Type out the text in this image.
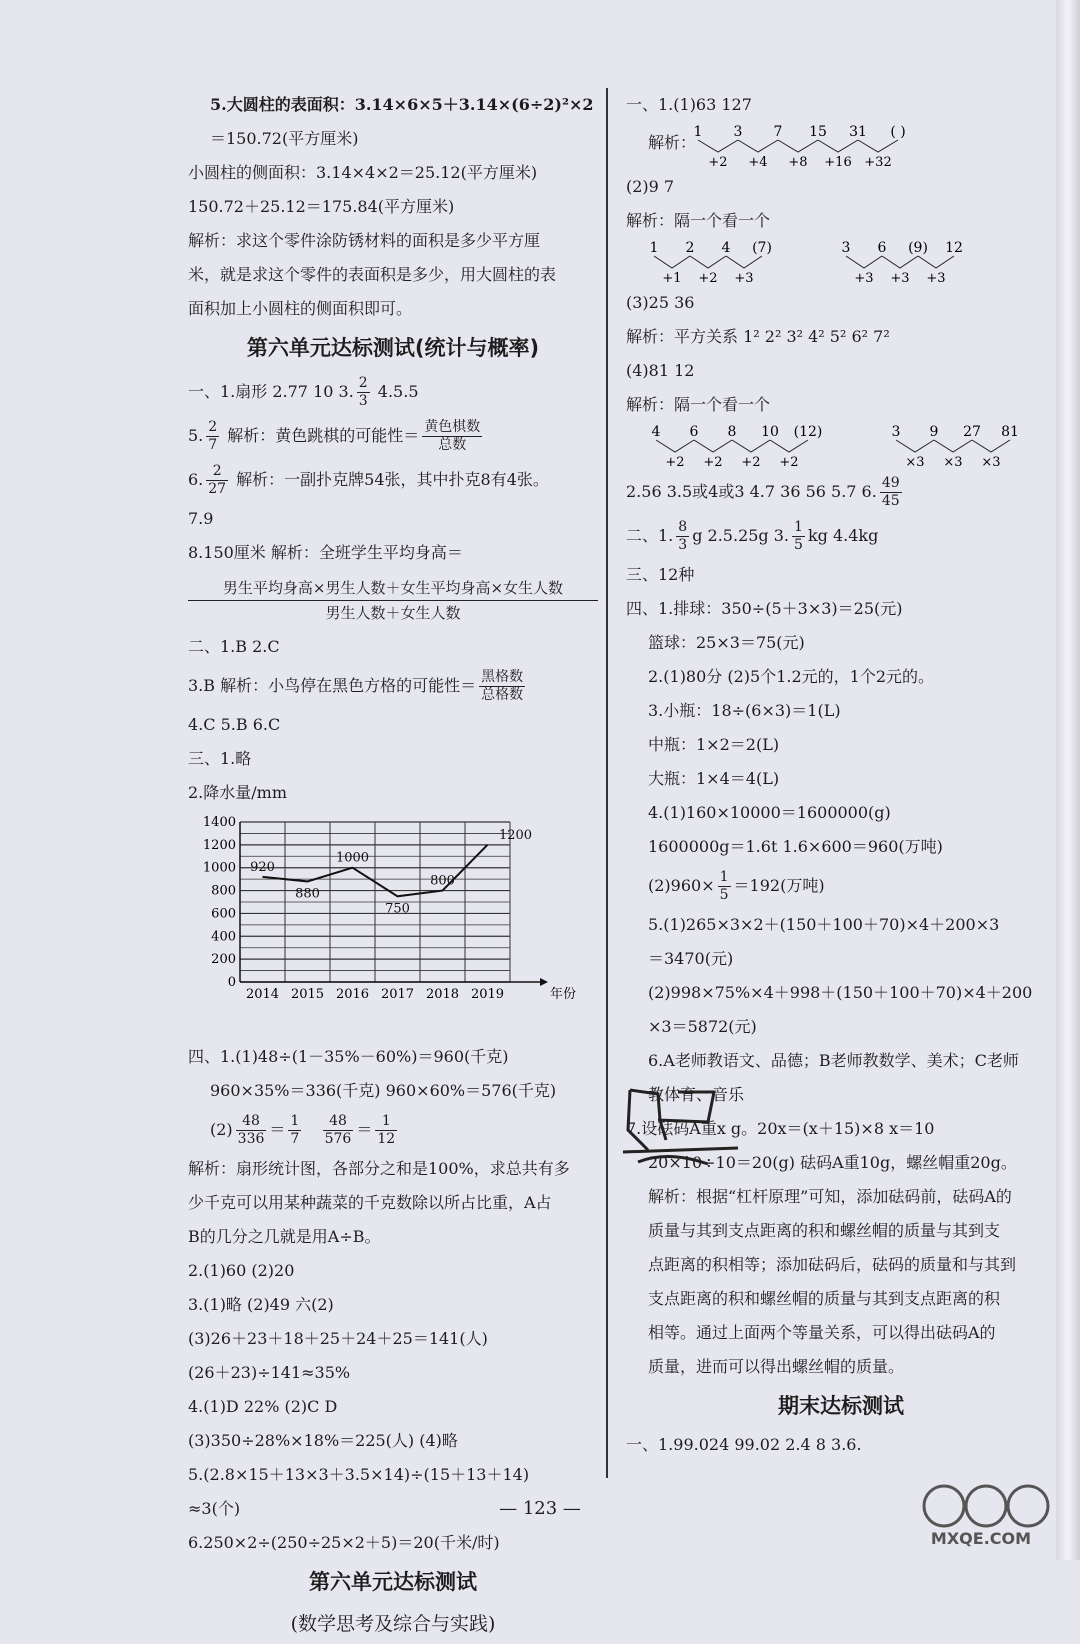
5.大圆柱的表面积：3.14×6×5＋3.14×(6÷2)²×2
＝150.72(平方厘米)
小圆柱的侧面积：3.14×4×2＝25.12(平方厘米)
150.72＋25.12＝175.84(平方厘米)
解析：求这个零件涂防锈材料的面积是多少平方厘
米，就是求这个零件的表面积是多少，用大圆柱的表
面积加上小圆柱的侧面积即可。
第六单元达标测试(统计与概率)
一、1.扇形 2.77 10 3. $\frac{2}{3} 4.5.5$
5. $\frac{2}{7}$ 解析：黄色跳棋的可能性＝ $\frac{\text{黄色棋数}}{\text{总数}}$
6. $\frac{2}{27}$ 解析：一副扑克牌54张，其中扑克8有4张。
7.9
8.150厘米 解析：全班学生平均身高＝
男生平均身高×男生人数＋女生平均身高×女生人数
男生人数＋女生人数
二、1.B 2.C
3.B 解析：小鸟停在黑色方格的可能性＝ $\frac{\text{黑格数}}{\text{总格数}}$
4.C 5.B 6.C
三、1.略
2.降水量/mm
0
200
400
600
800
1000
1200
1400
2014 2015 2016 2017 2018 2019	年份
920
880
1000
750
800
1200
四、1.(1)48÷(1－35%－60%)＝960(千克)
960×35%＝336(千克) 960×60%＝576(千克)
$(2) \frac{48}{336} = \frac{1}{7}$
$\frac{48}{576} = \frac{1}{12}$
解析：扇形统计图，各部分之和是100%，求总共有多
少千克可以用某种蔬菜的千克数除以所占比重，A占
B的几分之几就是用A÷B。
2.(1)60 (2)20
3.(1)略 (2)49 六(2)
(3)26＋23＋18＋25＋24＋25＝141(人)
(26＋23)÷141≈35%
4.(1)D 22% (2)C D
(3)350÷28%×18%＝225(人) (4)略
5.(2.8×15＋13×3＋3.5×14)÷(15＋13＋14)
≈3(个)
6.250×2÷(250÷25×2＋5)＝20(千米/时)
第六单元达标测试
(数学思考及综合与实践)
一、1.(1)63 127
解析：
1 3 7 15 31 ( )
+2 +4 +8 +16 +32
(2)9 7
解析：隔一个看一个
1 2 4 (7)
+1 +2 +3
3 6 (9) 12
+3 +3 +3
(3)25 36
解析：平方关系 1² 2² 3² 4² 5² 6² 7²
(4)81 12
解析：隔一个看一个
4 6 8 10 (12)
+2 +2 +2 +2
3 9 27 81
×3 ×3 ×3
2.56 3.5或4或3 4.7 36 56 5.7 6. $\frac{49}{45}$
二、1. $\frac{8}{3}$ g 2.5.25g 3. $\frac{1}{5}$ kg 4.4kg
三、12种
四、1.排球：350÷(5＋3×3)＝25(元)
篮球：25×3＝75(元)
2.(1)80分 (2)5个1.2元的，1个2元的。
3.小瓶：18÷(6×3)＝1(L)
中瓶：1×2＝2(L)
大瓶：1×4＝4(L)
4.(1)160×10000＝1600000(g)
1600000g＝1.6t 1.6×600＝960(万吨)
$(2)960\times \frac{1}{5} =192$(万吨)
5.(1)265×3×2＋(150＋100＋70)×4＋200×3
＝3470(元)
(2)998×75%×4＋998＋(150＋100＋70)×4＋200
×3＝5872(元)
6.A老师教语文、品德；B老师教数学、美术；C老师
教体育、音乐
7.设砝码A重x g。20x＝(x＋15)×8 x＝10
20×10÷10＝20(g) 砝码A重10g，螺丝帽重20g。
解析：根据“杠杆原理”可知，添加砝码前，砝码A的
质量与其到支点距离的积和螺丝帽的质量与其到支
点距离的积相等；添加砝码后，砝码的质量和与其到
支点距离的积和螺丝帽的质量与其到支点距离的积
相等。通过上面两个等量关系，可以得出砝码A的
质量，进而可以得出螺丝帽的质量。
期末达标测试
一、1.99.024 99.02 2.4 8 3.6.
— 123 —
MXQE.COM
